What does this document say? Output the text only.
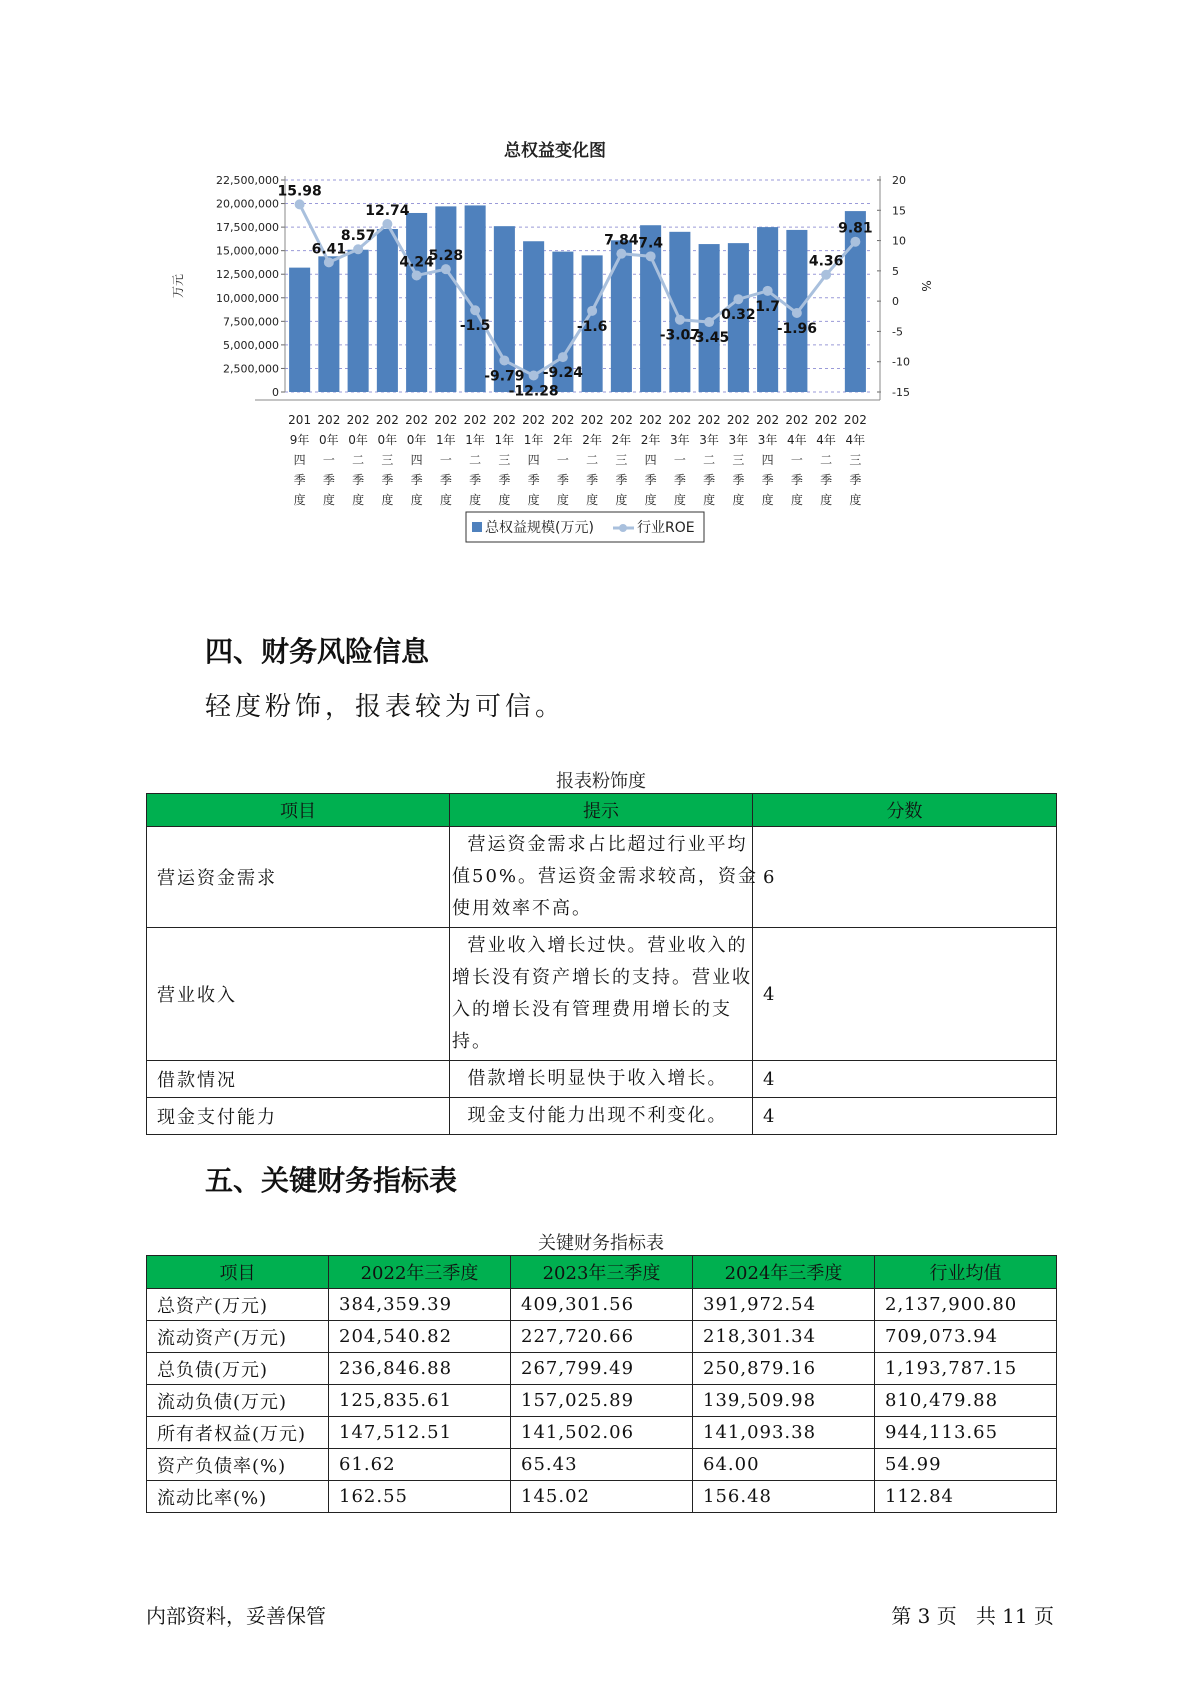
总权益变化图
0
2,500,000
5,000,000
7,500,000
10,000,000
12,500,000
15,000,000
17,500,000
20,000,000
22,500,000
-15
-10
-5
0
5
10
15
20
万元	%
15.98
6.41
8.57
12.74
4.24
5.28
-1.5
-9.79
-12.28
-9.24
-1.6
7.84 7.4
-3.07
-3.45
0.32
1.7
-1.96
4.36
9.81
201
9年
四
季
度
202
0年
一
季
度
202
0年
二
季
度
202
0年
三
季
度
202
0年
四
季
度
202
1年
一
季
度
202
1年
二
季
度
202
1年
三
季
度
202
1年
四
季
度
202
2年
一
季
度
202
2年
二
季
度
202
2年
三
季
度
202
2年
四
季
度
202
3年
一
季
度
202
3年
二
季
度
202
3年
三
季
度
202
3年
四
季
度
202
4年
一
季
度
202
4年
二
季
度
202
4年
三
季
度
总权益规模(万元)	行业ROE
四、财务风险信息
轻度粉饰，报表较为可信。
报表粉饰度
项目	提示	分数
营运资金需求	营运资金需求占比超过行业平均
值50%。营运资金需求较高，资金
使用效率不高。	6
营业收入	营业收入增长过快。营业收入的
增长没有资产增长的支持。营业收
入的增长没有管理费用增长的支
持。	4
借款情况	借款增长明显快于收入增长。	4
现金支付能力	现金支付能力出现不利变化。	4
五、关键财务指标表
关键财务指标表
项目	2022年三季度	2023年三季度	2024年三季度	行业均值
总资产(万元)	384,359.39	409,301.56	391,972.54	2,137,900.80
流动资产(万元)	204,540.82	227,720.66	218,301.34	709,073.94
总负债(万元)	236,846.88	267,799.49	250,879.16	1,193,787.15
流动负债(万元)	125,835.61	157,025.89	139,509.98	810,479.88
所有者权益(万元)	147,512.51	141,502.06	141,093.38	944,113.65
资产负债率(%)	61.62	65.43	64.00	54.99
流动比率(%)	162.55	145.02	156.48	112.84
内部资料，妥善保管	第 3 页   共 11 页
